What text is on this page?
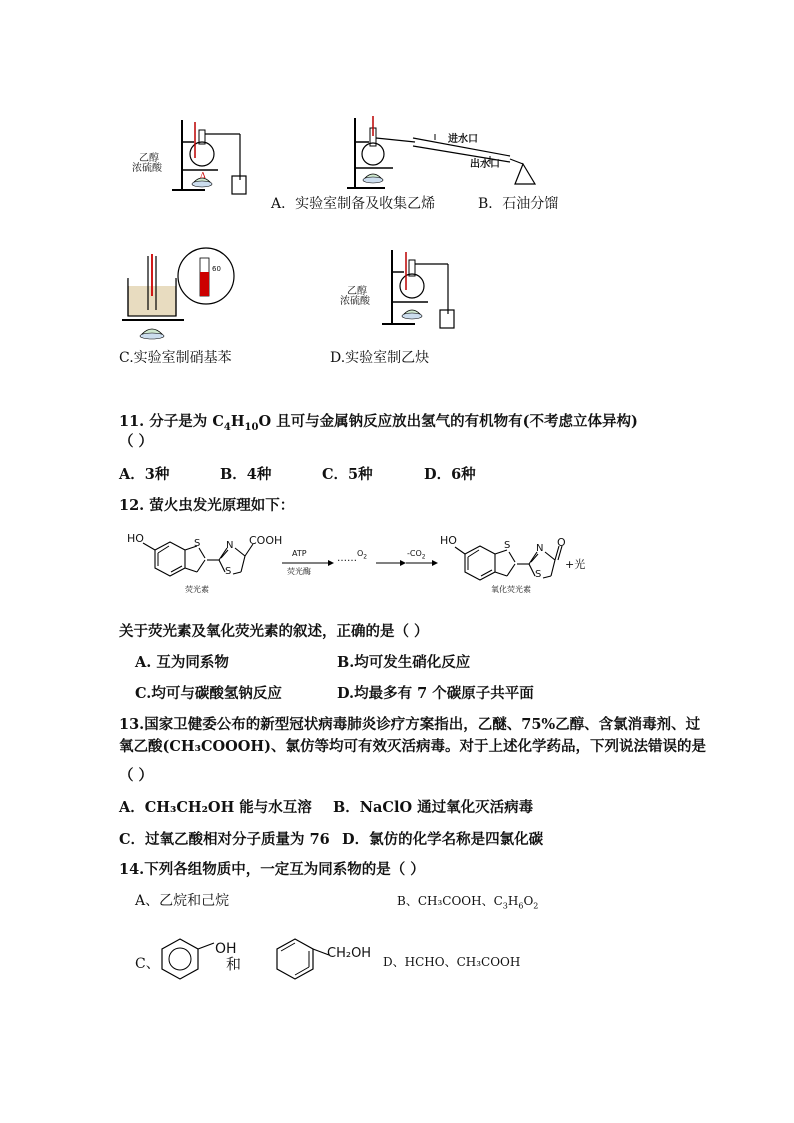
Δ
乙醇
浓硫酸
进水口
出水口
A．实验室制备及收集乙烯	B．石油分馏
60
乙醇
浓硫酸
C.实验室制硝基苯	D.实验室制乙炔
11. 分子是为 $C_4H_{10}O$ 且可与金属钠反应放出氢气的有机物有(不考虑立体异构)
（ ）
A．3种	B．4种	C．5种	D．6种
12. 萤火虫发光原理如下：
HO	S	N
S
COOH
荧光素
ATP
荧光酶
…… $O_2$	$-CO_2$
HO	S	N
S
O
+光
氧化荧光素
关于荧光素及氧化荧光素的叙述，正确的是（ ）
A. 互为同系物	B.均可发生硝化反应
C.均可与碳酸氢钠反应	D.均最多有 7 个碳原子共平面
13.国家卫健委公布的新型冠状病毒肺炎诊疗方案指出，乙醚、75%乙醇、含氯消毒剂、过
氧乙酸(CH₃COOOH)、氯仿等均可有效灭活病毒。对于上述化学药品，下列说法错误的是
（ ）
A．CH₃CH₂OH 能与水互溶 B．NaClO 通过氧化灭活病毒
C．过氧乙酸相对分子质量为 76 D．氯仿的化学名称是四氯化碳
14.下列各组物质中，一定互为同系物的是（ ）
A、乙烷和己烷	B、CH₃COOH、$C_3H_6O_2$
C、
OH
和
CH₂OH
D、HCHO、CH₃COOH
